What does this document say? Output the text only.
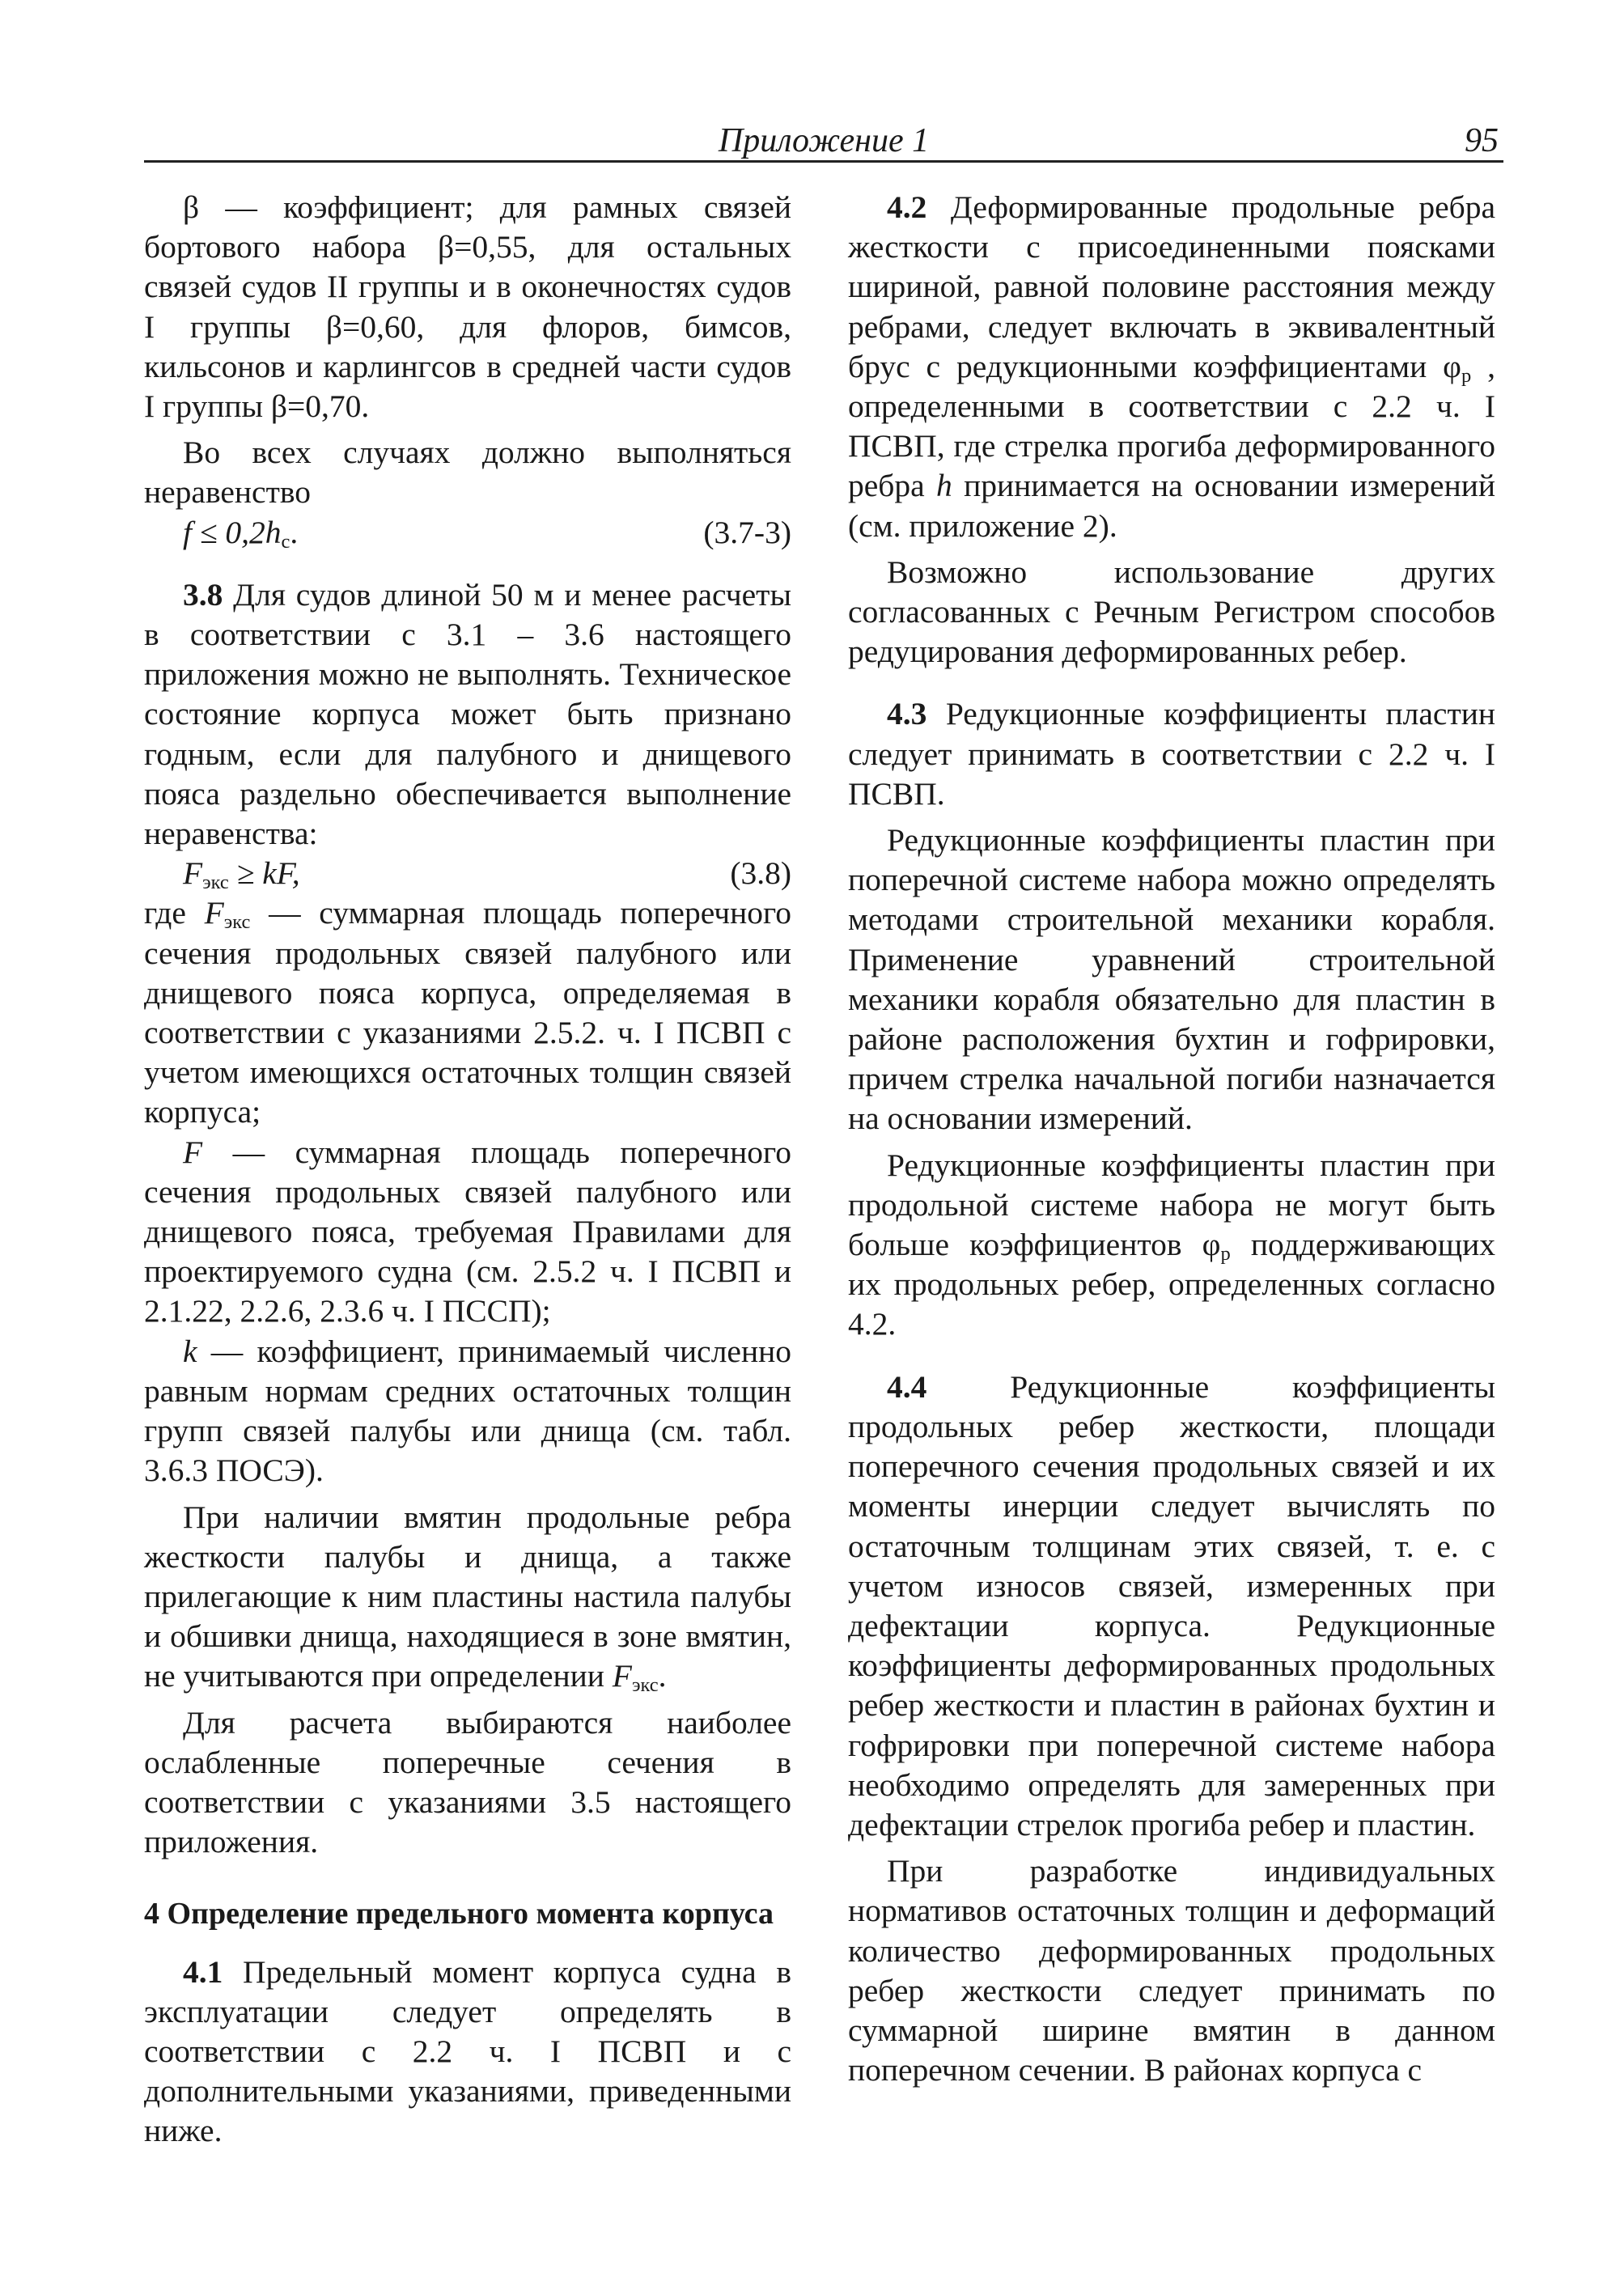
Приложение 1	95

β — коэффициент; для рамных связей бортового набора β=0,55, для остальных связей судов II группы и в оконечностях судов I группы β=0,60, для флоров, бимсов, кильсонов и карлингсов в средней части судов I группы β=0,70.

Во всех случаях должно выполняться неравенство

$f \le 0,2h_с$.	(3.7-3)

3.8 Для судов длиной 50 м и менее расчеты в соответствии с 3.1 – 3.6 настоящего приложения можно не выполнять. Техническое состояние корпуса может быть признано годным, если для палубного и днищевого пояса раздельно обеспечивается выполнение неравенства:

$F_{экс}$ ≥ kF,	(3.8)

где $F_{экс}$ — суммарная площадь поперечного сечения продольных связей палубного или днищевого пояса корпуса, определяемая в соответствии с указаниями 2.5.2. ч. I ПСВП с учетом имеющихся остаточных толщин связей корпуса;

F — суммарная площадь поперечного сечения продольных связей палубного или днищевого пояса, требуемая Правилами для проектируемого судна (см. 2.5.2 ч. I ПСВП и 2.1.22, 2.2.6, 2.3.6 ч. I ПССП);

k — коэффициент, принимаемый численно равным нормам средних остаточных толщин групп связей палубы или днища (см. табл. 3.6.3 ПОСЭ).

При наличии вмятин продольные ребра жесткости палубы и днища, а также прилегающие к ним пластины настила палубы и обшивки днища, находящиеся в зоне вмятин, не учитываются при определении $F_{экс}$.

Для расчета выбираются наиболее ослабленные поперечные сечения в соответствии с указаниями 3.5 настоящего приложения.

4 Определение предельного момента корпуса

4.1 Предельный момент корпуса судна в эксплуатации следует определять в соответствии с 2.2 ч. I ПСВП и с дополнительными указаниями, приведенными ниже.

4.2 Деформированные продольные ребра жесткости с присоединенными поясками шириной, равной половине расстояния между ребрами, следует включать в эквивалентный брус с редукционными коэффициентами $\varphi_р$ , определенными в соответствии с 2.2 ч. I ПСВП, где стрелка прогиба деформированного ребра h принимается на основании измерений (см. приложение 2).

Возможно использование других согласованных с Речным Регистром способов редуцирования деформированных ребер.

4.3 Редукционные коэффициенты пластин следует принимать в соответствии с 2.2 ч. I ПСВП.

Редукционные коэффициенты пластин при поперечной системе набора можно определять методами строительной механики корабля. Применение уравнений строительной механики корабля обязательно для пластин в районе расположения бухтин и гофрировки, причем стрелка начальной погиби назначается на основании измерений.

Редукционные коэффициенты пластин при продольной системе набора не могут быть больше коэффициентов $\varphi_р$ поддерживающих их продольных ребер, определенных согласно 4.2.

4.4 Редукционные коэффициенты продольных ребер жесткости, площади поперечного сечения продольных связей и их моменты инерции следует вычислять по остаточным толщинам этих связей, т. е. с учетом износов связей, измеренных при дефектации корпуса. Редукционные коэффициенты деформированных продольных ребер жесткости и пластин в районах бухтин и гофрировки при поперечной системе набора необходимо определять для замеренных при дефектации стрелок прогиба ребер и пластин.

При разработке индивидуальных нормативов остаточных толщин и деформаций количество деформированных продольных ребер жесткости следует принимать по суммарной ширине вмятин в данном поперечном сечении. В районах корпуса с
